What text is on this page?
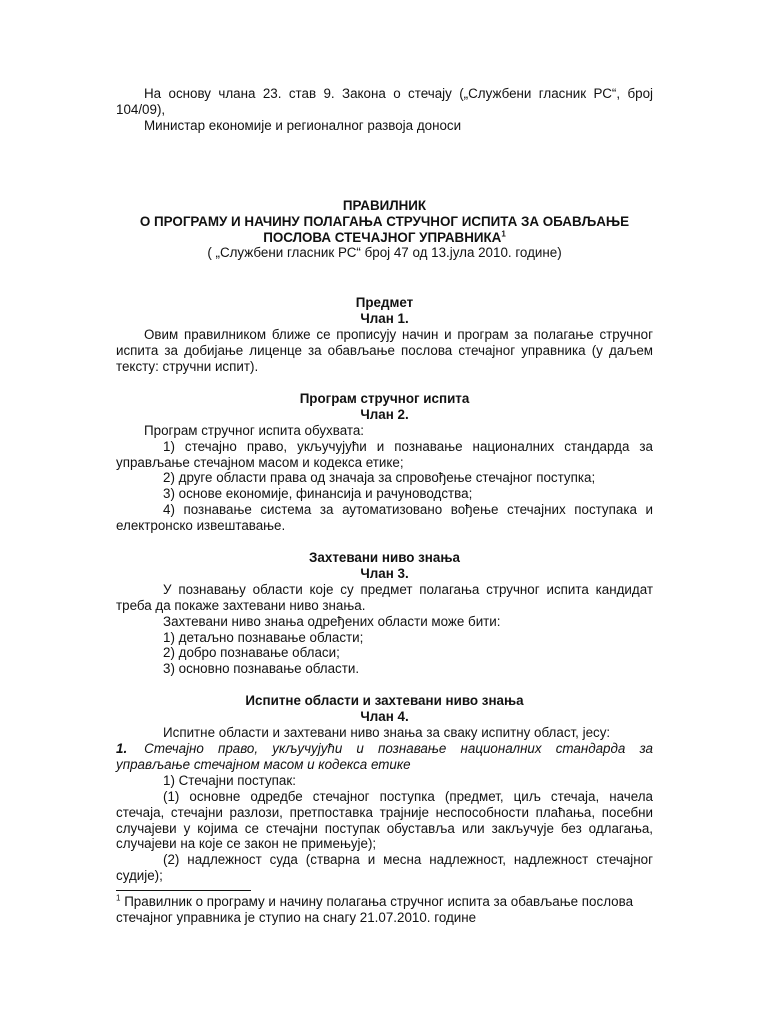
На основу члана 23. став 9. Закона о стечају („Службени гласник РС“, број 104/09),

Министар економије и регионалног развоја доноси

ПРАВИЛНИК

О ПРОГРАМУ И НАЧИНУ ПОЛАГАЊА СТРУЧНОГ ИСПИТА ЗА ОБАВЉАЊЕ

ПОСЛОВА СТЕЧАЈНОГ УПРАВНИКА$^1$

( „Службени гласник РС“ број 47 од 13.јула 2010. године)

Предмет

Члан 1.

Овим правилником ближе се прописују начин и програм за полагање стручног испита за добијање лиценце за обављање послова стечајног управника (у даљем тексту: стручни испит).

Програм стручног испита

Члан 2.

Програм стручног испита обухвата:

1) стечајно право, укључујући и познавање националних стандарда за управљање стечајном масом и кодекса етике;

2) друге области права од значаја за спровођење стечајног поступка;

3) основе економије, финансија и рачуноводства;

4) познавање система за аутоматизовано вођење стечајних поступака и електронско извештавање.

Захтевани ниво знања

Члан 3.

У познавању области које су предмет полагања стручног испита кандидат треба да покаже захтевани ниво знања.

Захтевани ниво знања одређених области може бити:

1) детаљно познавање области;

2) добро познавање обласи;

3) основно познавање области.

Испитне области и захтевани ниво знања

Члан 4.

Испитне области и захтевани ниво знања за сваку испитну област, јесу:

1. Стечајно право, укључујући и познавање националних стандарда за управљање стечајном масом и кодекса етике

1) Стечајни поступак:

(1) основне одредбе стечајног поступка (предмет, циљ стечаја, начела стечаја, стечајни разлози, претпоставка трајније неспособности плаћања, посебни случајеви у којима се стечајни поступак обуставља или закључује без одлагања, случајеви на које се закон не примењује);

(2) надлежност суда (стварна и месна надлежност, надлежност стечајног судије);

$^1$ Правилник о програму и начину полагања стручног испита за обављање послова стечајног управника је ступио на снагу 21.07.2010. године
